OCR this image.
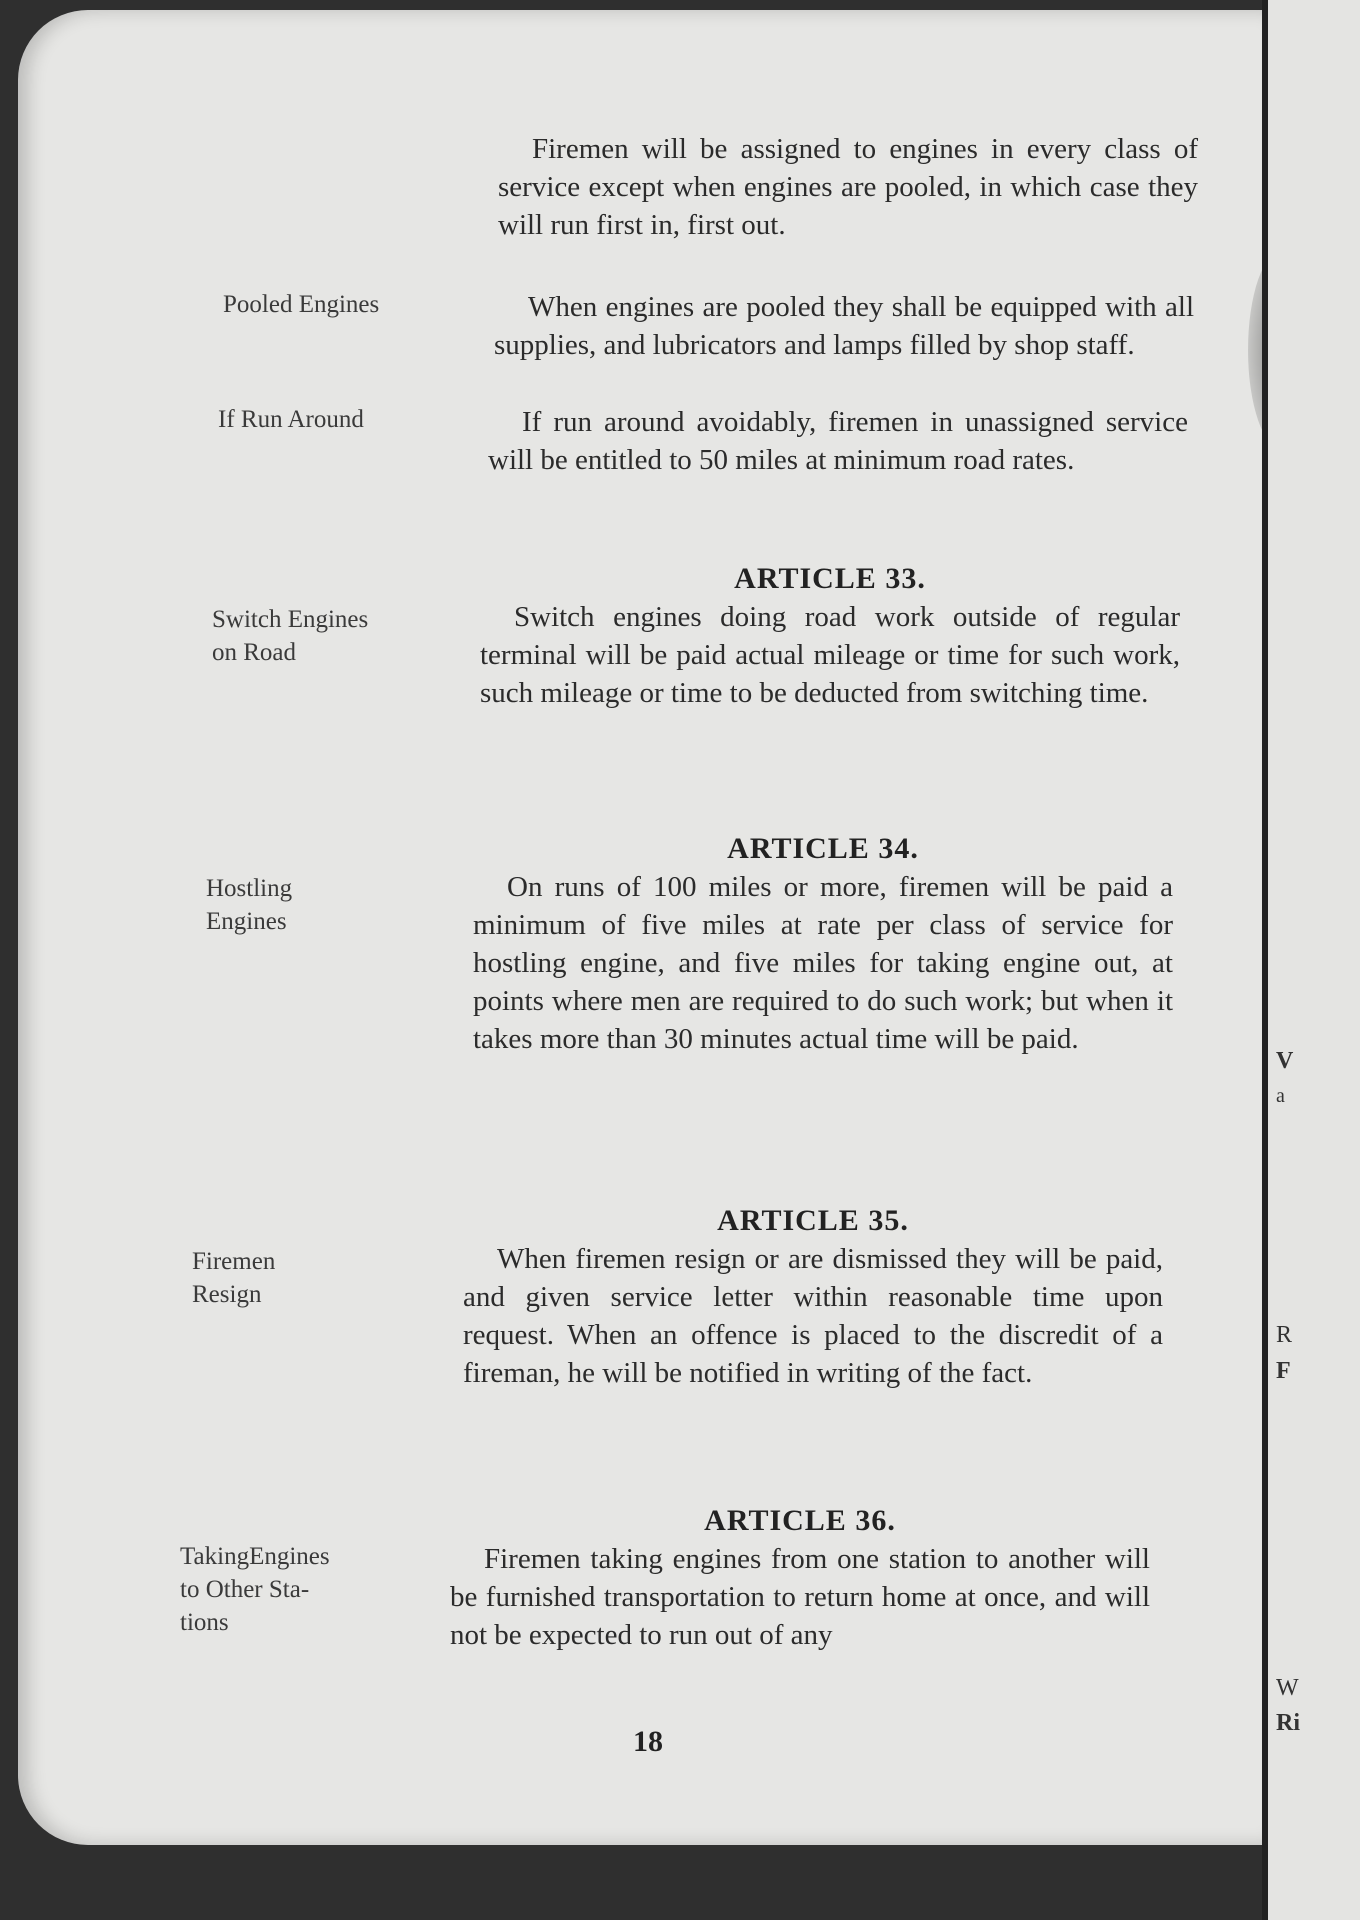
Pooled Engines
If Run Around
Switch Engines
on Road
Hostling
Engines
Firemen
Resign
TakingEngines
to Other Sta-
tions

Firemen will be assigned to engines in every class of service except when engines are pooled, in which case they will run first in, first out.

When engines are pooled they shall be equipped with all supplies, and lubricators and lamps filled by shop staff.

If run around avoidably, firemen in unassigned service will be entitled to 50 miles at minimum road rates.

ARTICLE 33.

Switch engines doing road work outside of regular terminal will be paid actual mileage or time for such work, such mileage or time to be deducted from switching time.

ARTICLE 34.

On runs of 100 miles or more, firemen will be paid a minimum of five miles at rate per class of service for hostling engine, and five miles for taking engine out, at points where men are required to do such work; but when it takes more than 30 minutes actual time will be paid.

ARTICLE 35.

When firemen resign or are dismissed they will be paid, and given service letter within reasonable time upon request. When an offence is placed to the discredit of a fireman, he will be notified in writing of the fact.

ARTICLE 36.

Firemen taking engines from one station to another will be furnished transportation to return home at once, and will not be expected to run out of any

18
V
a
R
F
W
Ri
